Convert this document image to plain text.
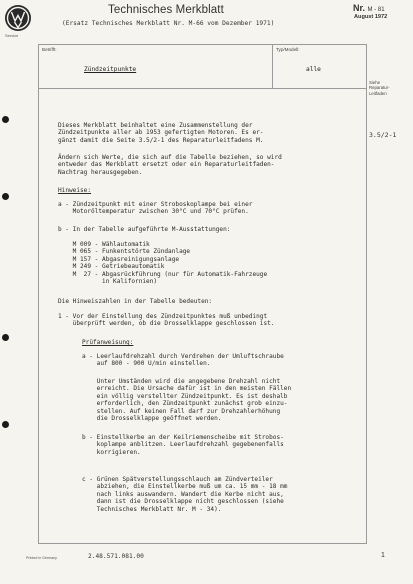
Service
Technisches Merkblatt
(Ersatz Technisches Merkblatt Nr. M-66 vom Dezember 1971)
Nr. M - 81
August 1972
Betrifft:
Zündzeitpunkte
Typ/Modell:
alle
Siehe
Reparatur-
Leitfaden
3.5/2-1
Dieses Merkblatt beinhaltet eine Zusammenstellung der
Zündzeitpunkte aller ab 1953 gefertigten Motoren. Es er-
gänzt damit die Seite 3.5/2-1 des Reparaturleitfadens M.
Ändern sich Werte, die sich auf die Tabelle beziehen, so wird
entweder das Merkblatt ersetzt oder ein Reparaturleitfaden-
Nachtrag herausgegeben.
Hinweise:
a - Zündzeitpunkt mit einer Stroboskoplampe bei einer
Motoröltemperatur zwischen 30°C und 70°C prüfen.
b - In der Tabelle aufgeführte M-Ausstattungen:
M 009 - Wählautomatik
M 065 - Funkentstörte Zündanlage
M 157 - Abgasreinigungsanlage
M 249 - Getriebeautomatik
M  27 - Abgasrückführung (nur für Automatik-Fahrzeuge
in Kalifornien)
Die Hinweiszahlen in der Tabelle bedeuten:
1 - Vor der Einstellung des Zündzeitpunktes muß unbedingt
überprüft werden, ob die Drosselklappe geschlossen ist.
Prüfanweisung:
a - Leerlaufdrehzahl durch Verdrehen der Umluftschraube
auf 800 - 900 U/min einstellen.
Unter Umständen wird die angegebene Drehzahl nicht
erreicht. Die Ursache dafür ist in den meisten Fällen
ein völlig verstellter Zündzeitpunkt. Es ist deshalb
erforderlich, den Zündzeitpunkt zunächst grob einzu-
stellen. Auf keinen Fall darf zur Drehzahlerhöhung
die Drosselklappe geöffnet werden.
b - Einstellkerbe an der Keilriemenscheibe mit Strobos-
koplampe anblitzen. Leerlaufdrehzahl gegebenenfalls
korrigieren.
c - Grünen Spätverstellungsschlauch am Zündverteiler
abziehen, die Einstellkerbe muß um ca. 15 mm - 18 mm
nach links auswandern. Wandert die Kerbe nicht aus,
dann ist die Drosselklappe nicht geschlossen (siehe
Technisches Merkblatt Nr. M - 34).
Printed in Germany	2.48.571.081.00	1
